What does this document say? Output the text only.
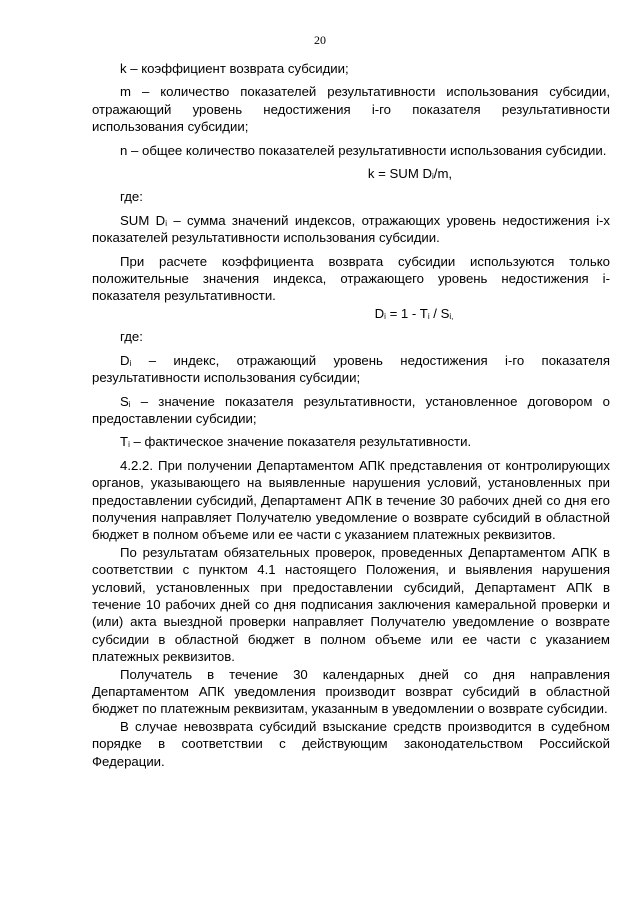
20

k – коэффициент возврата субсидии;

m – количество показателей результативности использования субсидии, отражающий уровень недостижения i-го показателя результативности использования субсидии;

n – общее количество показателей результативности использования субсидии.

k = SUM $D_i/m$,

где:

SUM $D_i$ – сумма значений индексов, отражающих уровень недостижения i-х показателей результативности использования субсидии.

При расчете коэффициента возврата субсидии используются только положительные значения индекса, отражающего уровень недостижения i-показателя результативности.

$D_i = 1 - T_i / S_{i,}$

где:

$D_i$ – индекс, отражающий уровень недостижения i-го показателя результативности использования субсидии;

$S_i$ – значение показателя результативности, установленное договором о предоставлении субсидии;

$T_i$ – фактическое значение показателя результативности.

4.2.2. При получении Департаментом АПК представления от контролирующих органов, указывающего на выявленные нарушения условий, установленных при предоставлении субсидий, Департамент АПК в течение 30 рабочих дней со дня его получения направляет Получателю уведомление о возврате субсидий в областной бюджет в полном объеме или ее части с указанием платежных реквизитов.

По результатам обязательных проверок, проведенных Департаментом АПК в соответствии с пунктом 4.1 настоящего Положения, и выявления нарушения условий, установленных при предоставлении субсидий, Департамент АПК в течение 10 рабочих дней со дня подписания заключения камеральной проверки и (или) акта выездной проверки направляет Получателю уведомление о возврате субсидии в областной бюджет в полном объеме или ее части с указанием платежных реквизитов.

Получатель в течение 30 календарных дней со дня направления Департаментом АПК уведомления производит возврат субсидий в областной бюджет по платежным реквизитам, указанным в уведомлении о возврате субсидии.

В случае невозврата субсидий взыскание средств производится в судебном порядке в соответствии с действующим законодательством Российской Федерации.
